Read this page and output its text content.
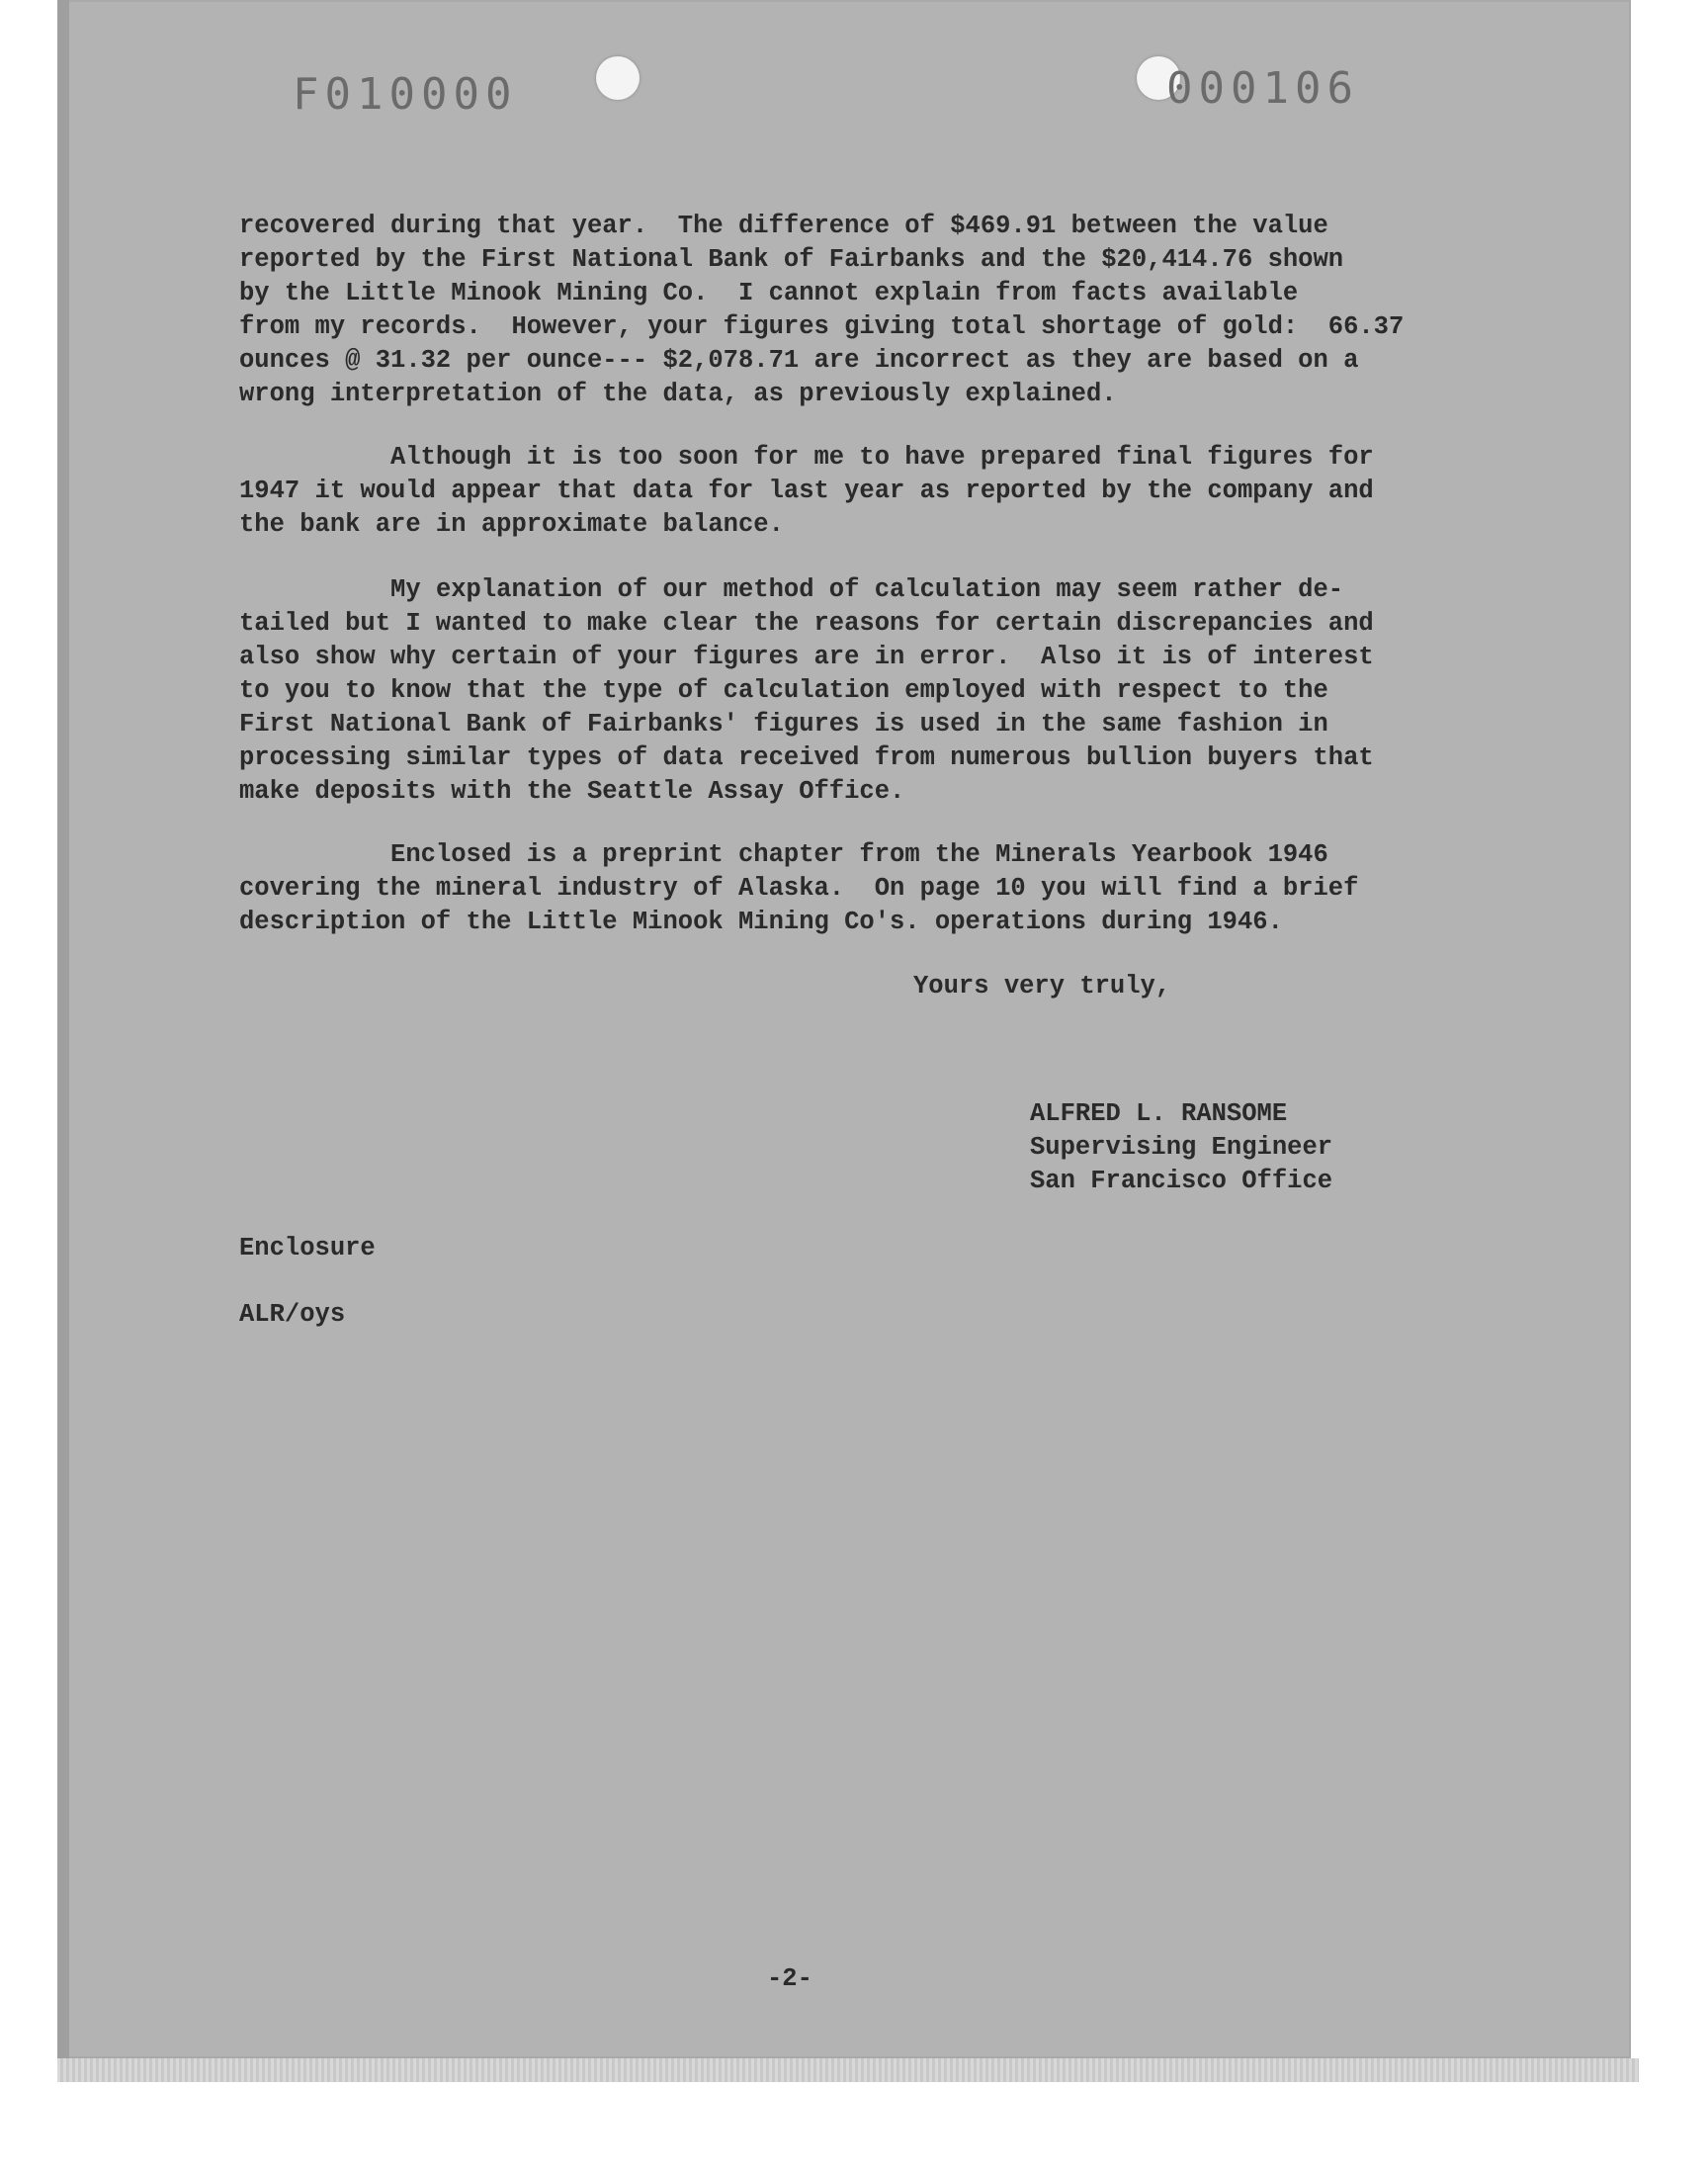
F010000	000106
recovered during that year.  The difference of $469.91 between the value
reported by the First National Bank of Fairbanks and the $20,414.76 shown
by the Little Minook Mining Co.  I cannot explain from facts available
from my records.  However, your figures giving total shortage of gold:  66.37
ounces @ 31.32 per ounce--- $2,078.71 are incorrect as they are based on a
wrong interpretation of the data, as previously explained.
Although it is too soon for me to have prepared final figures for
1947 it would appear that data for last year as reported by the company and
the bank are in approximate balance.
My explanation of our method of calculation may seem rather de-
tailed but I wanted to make clear the reasons for certain discrepancies and
also show why certain of your figures are in error.  Also it is of interest
to you to know that the type of calculation employed with respect to the
First National Bank of Fairbanks' figures is used in the same fashion in
processing similar types of data received from numerous bullion buyers that
make deposits with the Seattle Assay Office.
Enclosed is a preprint chapter from the Minerals Yearbook 1946
covering the mineral industry of Alaska.  On page 10 you will find a brief
description of the Little Minook Mining Co's. operations during 1946.
Yours very truly,
ALFRED L. RANSOME
Supervising Engineer
San Francisco Office
Enclosure
ALR/oys
-2-
